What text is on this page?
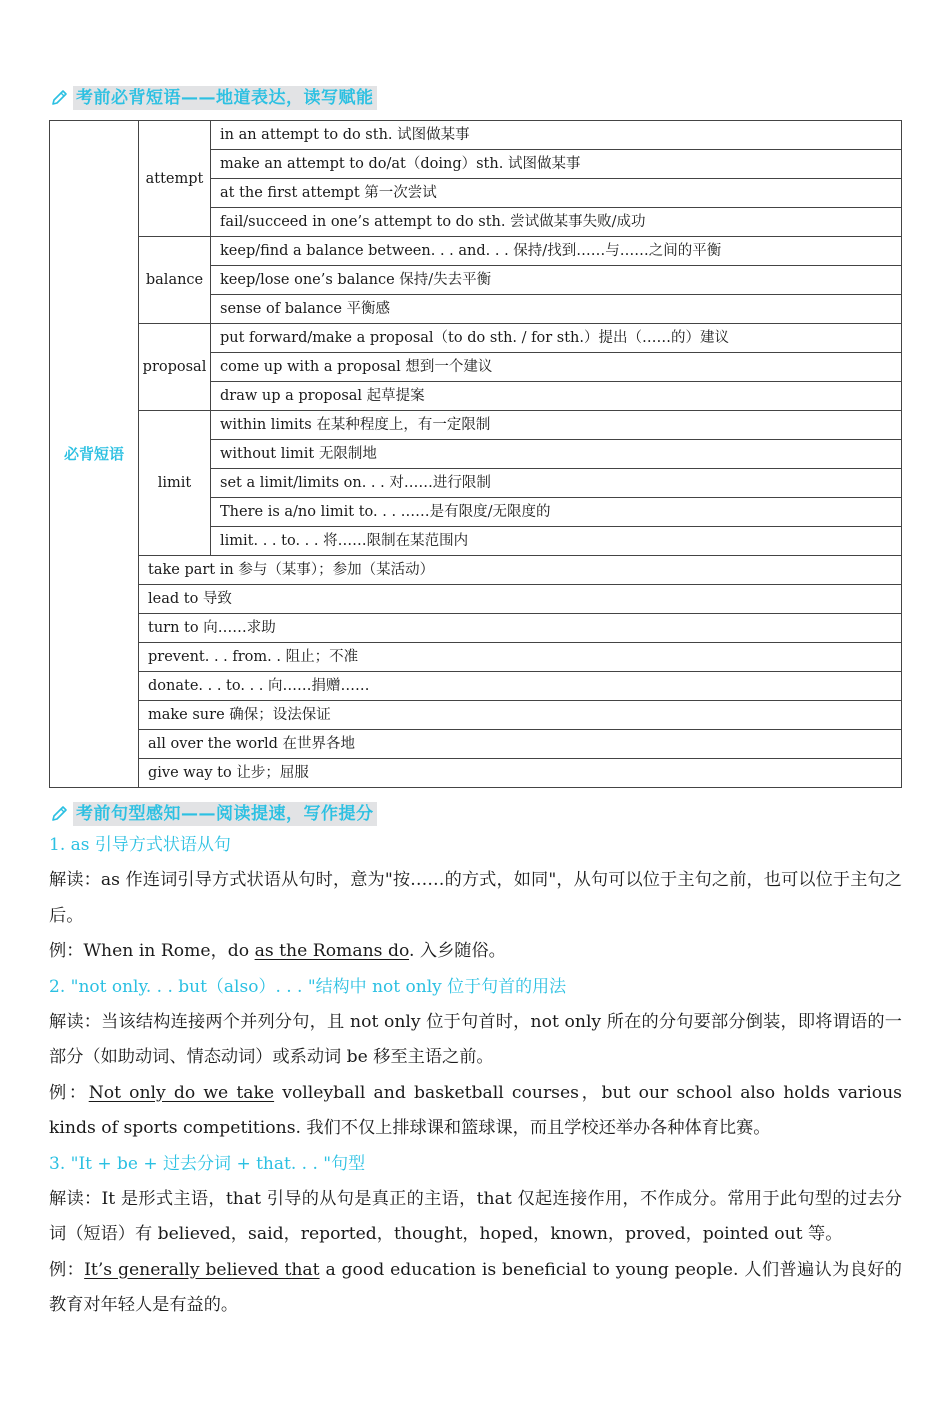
考前必背短语——地道表达，读写赋能
必背短语	attempt	in an attempt to do sth. 试图做某事
		make an attempt to do/at（doing）sth. 试图做某事
		at the first attempt 第一次尝试
		fail/succeed in one’s attempt to do sth. 尝试做某事失败/成功
	balance	keep/find a balance between. . . and. . . 保持/找到……与……之间的平衡
		keep/lose one’s balance 保持/失去平衡
		sense of balance 平衡感
	proposal	put forward/make a proposal（to do sth. / for sth.）提出（……的）建议
		come up with a proposal 想到一个建议
		draw up a proposal 起草提案
	limit	within limits 在某种程度上，有一定限制
		without limit 无限制地
		set a limit/limits on. . . 对……进行限制
		There is a/no limit to. . . ……是有限度/无限度的
		limit. . . to. . . 将……限制在某范围内
	take part in 参与（某事）；参加（某活动）	
	lead to 导致	
	turn to 向……求助	
	prevent. . . from. . 阻止；不准	
	donate. . . to. . . 向……捐赠……	
	make sure 确保；设法保证	
	all over the world 在世界各地	
	give way to 让步；屈服	
考前句型感知——阅读提速，写作提分
1. as 引导方式状语从句
解读：as 作连词引导方式状语从句时，意为"按……的方式，如同"，从句可以位于主句之前，也可以位于主句之后。
例：When in Rome，do as the Romans do. 入乡随俗。
2. "not only. . . but（also）. . . "结构中 not only 位于句首的用法
解读：当该结构连接两个并列分句，且 not only 位于句首时，not only 所在的分句要部分倒装，即将谓语的一部分（如助动词、情态动词）或系动词 be 移至主语之前。
例：Not only do we take volleyball and basketball courses，but our school also holds various kinds of sports competitions. 我们不仅上排球课和篮球课，而且学校还举办各种体育比赛。
3. "It + be + 过去分词 + that. . . "句型
解读：It 是形式主语，that 引导的从句是真正的主语，that 仅起连接作用，不作成分。常用于此句型的过去分词（短语）有 believed，said，reported，thought，hoped，known，proved，pointed out 等。
例：It’s generally believed that a good education is beneficial to young people. 人们普遍认为良好的教育对年轻人是有益的。
